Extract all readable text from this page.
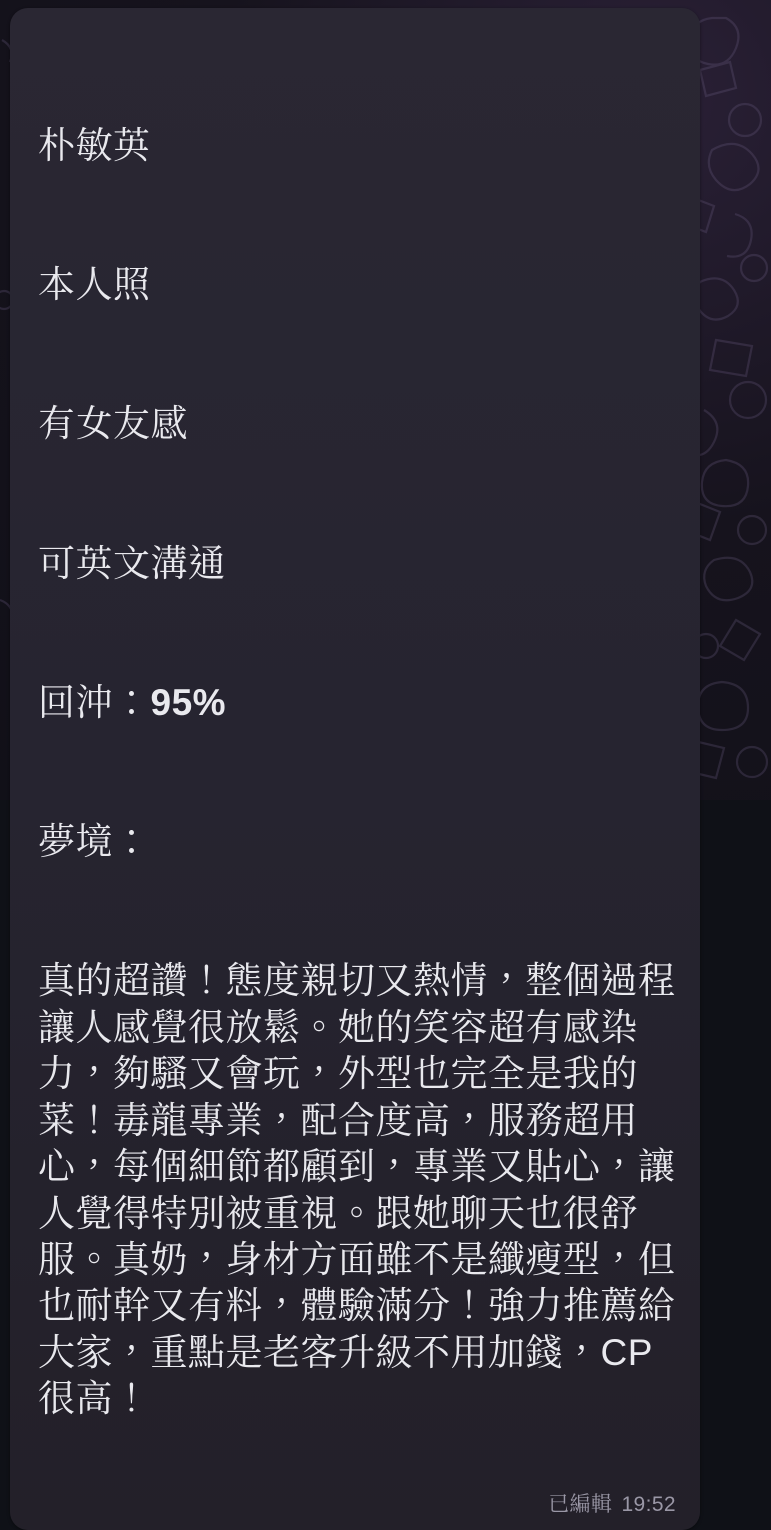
朴敏英

本人照

有女友感

可英文溝通

回沖：95%

夢境：

真的超讚！態度親切又熱情，整個過程讓人感覺很放鬆。她的笑容超有感染力，夠騷又會玩，外型也完全是我的菜！毒龍專業，配合度高，服務超用心，每個細節都顧到，專業又貼心，讓人覺得特別被重視。跟她聊天也很舒服。真奶，身材方面雖不是纖瘦型，但也耐幹又有料，體驗滿分！強力推薦給大家，重點是老客升級不用加錢，CP很高！

已編輯 19:52
